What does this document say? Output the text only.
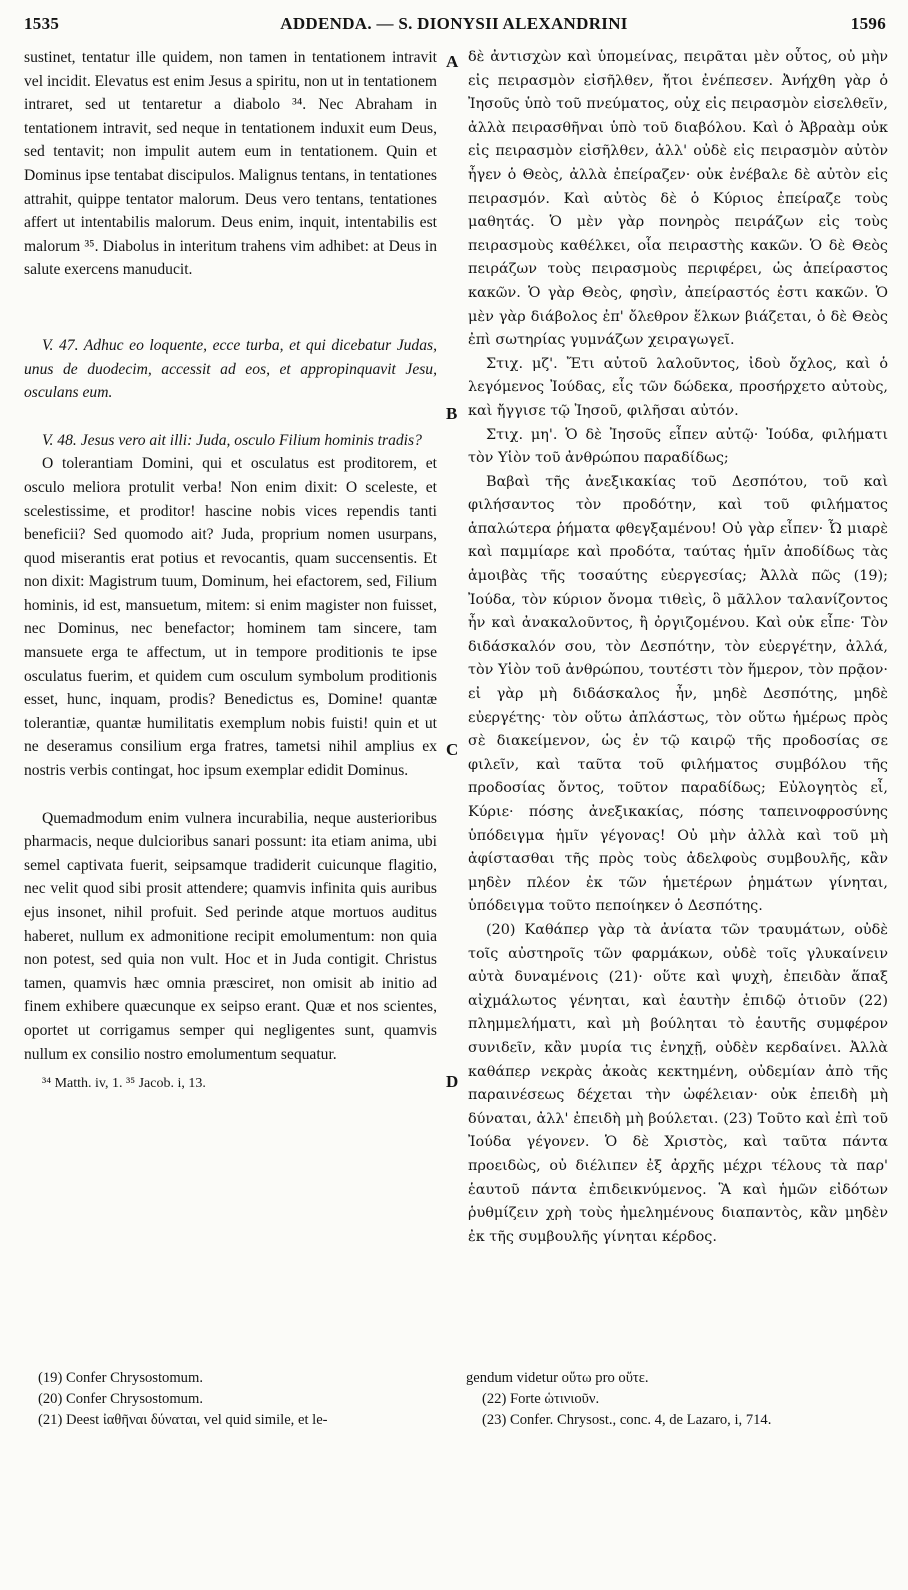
1535	ADDENDA. — S. DIONYSII ALEXANDRINI	1596
A
B
C
D

sustinet, tentatur ille quidem, non tamen in tentationem intravit vel incidit. Elevatus est enim Jesus a spiritu, non ut in tentationem intraret, sed ut tentaretur a diabolo ³⁴. Nec Abraham in tentationem intravit, sed neque in tentationem induxit eum Deus, sed tentavit; non impulit autem eum in tentationem. Quin et Dominus ipse tentabat discipulos. Malignus tentans, in tentationes attrahit, quippe tentator malorum. Deus vero tentans, tentationes affert ut intentabilis malorum. Deus enim, inquit, intentabilis est malorum ³⁵. Diabolus in interitum trahens vim adhibet: at Deus in salute exercens manuducit.

V. 47. Adhuc eo loquente, ecce turba, et qui dicebatur Judas, unus de duodecim, accessit ad eos, et appropinquavit Jesu, osculans eum.

V. 48. Jesus vero ait illi: Juda, osculo Filium hominis tradis?

O tolerantiam Domini, qui et osculatus est proditorem, et osculo meliora protulit verba! Non enim dixit: O sceleste, et scelestissime, et proditor! hascine nobis vices rependis tanti beneficii? Sed quomodo ait? Juda, proprium nomen usurpans, quod miserantis erat potius et revocantis, quam succensentis. Et non dixit: Magistrum tuum, Dominum, hei efactorem, sed, Filium hominis, id est, mansuetum, mitem: si enim magister non fuisset, nec Dominus, nec benefactor; hominem tam sincere, tam mansuete erga te affectum, ut in tempore proditionis te ipse osculatus fuerim, et quidem cum osculum symbolum proditionis esset, hunc, inquam, prodis? Benedictus es, Domine! quantæ tolerantiæ, quantæ humilitatis exemplum nobis fuisti! quin et ut ne deseramus consilium erga fratres, tametsi nihil amplius ex nostris verbis contingat, hoc ipsum exemplar edidit Dominus.

Quemadmodum enim vulnera incurabilia, neque austerioribus pharmacis, neque dulcioribus sanari possunt: ita etiam anima, ubi semel captivata fuerit, seipsamque tradiderit cuicunque flagitio, nec velit quod sibi prosit attendere; quamvis infinita quis auribus ejus insonet, nihil profuit. Sed perinde atque mortuos auditus haberet, nullum ex admonitione recipit emolumentum: non quia non potest, sed quia non vult. Hoc et in Juda contigit. Christus tamen, quamvis hæc omnia præsciret, non omisit ab initio ad finem exhibere quæcunque ex seipso erant. Quæ et nos scientes, oportet ut corrigamus semper qui negligentes sunt, quamvis nullum ex consilio nostro emolumentum sequatur.

³⁴ Matth. iv, 1. ³⁵ Jacob. i, 13.

δὲ ἀντισχὼν καὶ ὑπομείνας, πειρᾶται μὲν οὗτος, οὐ μὴν εἰς πειρασμὸν εἰσῆλθεν, ἤτοι ἐνέπεσεν. Ἀνήχθη γὰρ ὁ Ἰησοῦς ὑπὸ τοῦ πνεύματος, οὐχ εἰς πειρασμὸν εἰσελθεῖν, ἀλλὰ πειρασθῆναι ὑπὸ τοῦ διαβόλου. Καὶ ὁ Ἀβραὰμ οὐκ εἰς πειρασμὸν εἰσῆλθεν, ἀλλ' οὐδὲ εἰς πειρασμὸν αὐτὸν ἦγεν ὁ Θεὸς, ἀλλὰ ἐπείραζεν· οὐκ ἐνέβαλε δὲ αὐτὸν εἰς πειρασμόν. Καὶ αὐτὸς δὲ ὁ Κύριος ἐπείραζε τοὺς μαθητάς. Ὁ μὲν γὰρ πονηρὸς πειράζων εἰς τοὺς πειρασμοὺς καθέλκει, οἷα πειραστὴς κακῶν. Ὁ δὲ Θεὸς πειράζων τοὺς πειρασμοὺς περιφέρει, ὡς ἀπείραστος κακῶν. Ὁ γὰρ Θεὸς, φησὶν, ἀπείραστός ἐστι κακῶν. Ὁ μὲν γὰρ διάβολος ἐπ' ὄλεθρον ἕλκων βιάζεται, ὁ δὲ Θεὸς ἐπὶ σωτηρίας γυμνάζων χειραγωγεῖ.

Στιχ. μζ'. Ἔτι αὐτοῦ λαλοῦντος, ἰδοὺ ὄχλος, καὶ ὁ λεγόμενος Ἰούδας, εἷς τῶν δώδεκα, προσήρχετο αὐτοὺς, καὶ ἤγγισε τῷ Ἰησοῦ, φιλῆσαι αὐτόν.

Στιχ. μη'. Ὁ δὲ Ἰησοῦς εἶπεν αὐτῷ· Ἰούδα, φιλήματι τὸν Υἱὸν τοῦ ἀνθρώπου παραδίδως;

Βαβαὶ τῆς ἀνεξικακίας τοῦ Δεσπότου, τοῦ καὶ φιλήσαντος τὸν προδότην, καὶ τοῦ φιλήματος ἁπαλώτερα ῥήματα φθεγξαμένου! Οὐ γὰρ εἶπεν· Ὦ μιαρὲ καὶ παμμίαρε καὶ προδότα, ταύτας ἡμῖν ἀποδίδως τὰς ἀμοιβὰς τῆς τοσαύτης εὐεργεσίας; Ἀλλὰ πῶς (19); Ἰούδα, τὸν κύριον ὄνομα τιθεὶς, ὃ μᾶλλον ταλανίζοντος ἦν καὶ ἀνακαλοῦντος, ἢ ὀργιζομένου. Καὶ οὐκ εἶπε· Τὸν διδάσκαλόν σου, τὸν Δεσπότην, τὸν εὐεργέτην, ἀλλά, τὸν Υἱὸν τοῦ ἀνθρώπου, τουτέστι τὸν ἥμερον, τὸν πρᾷον· εἰ γὰρ μὴ διδάσκαλος ἦν, μηδὲ Δεσπότης, μηδὲ εὐεργέτης· τὸν οὕτω ἀπλάστως, τὸν οὕτω ἡμέρως πρὸς σὲ διακείμενον, ὡς ἐν τῷ καιρῷ τῆς προδοσίας σε φιλεῖν, καὶ ταῦτα τοῦ φιλήματος συμβόλου τῆς προδοσίας ὄντος, τοῦτον παραδίδως; Εὐλογητὸς εἶ, Κύριε· πόσης ἀνεξικακίας, πόσης ταπεινοφροσύνης ὑπόδειγμα ἡμῖν γέγονας! Οὐ μὴν ἀλλὰ καὶ τοῦ μὴ ἀφίστασθαι τῆς πρὸς τοὺς ἀδελφοὺς συμβουλῆς, κἂν μηδὲν πλέον ἐκ τῶν ἡμετέρων ῥημάτων γίνηται, ὑπόδειγμα τοῦτο πεποίηκεν ὁ Δεσπότης.

(20) Καθάπερ γὰρ τὰ ἀνίατα τῶν τραυμάτων, οὐδὲ τοῖς αὐστηροῖς τῶν φαρμάκων, οὐδὲ τοῖς γλυκαίνειν αὐτὰ δυναμένοις (21)· οὕτε καὶ ψυχὴ, ἐπειδὰν ἅπαξ αἰχμάλωτος γένηται, καὶ ἑαυτὴν ἐπιδῷ ὁτιοῦν (22) πλημμελήματι, καὶ μὴ βούληται τὸ ἑαυτῆς συμφέρον συνιδεῖν, κἂν μυρία τις ἐνηχῇ, οὐδὲν κερδαίνει. Ἀλλὰ καθάπερ νεκρὰς ἀκοὰς κεκτημένη, οὐδεμίαν ἀπὸ τῆς παραινέσεως δέχεται τὴν ὠφέλειαν· οὐκ ἐπειδὴ μὴ δύναται, ἀλλ' ἐπειδὴ μὴ βούλεται. (23) Τοῦτο καὶ ἐπὶ τοῦ Ἰούδα γέγονεν. Ὁ δὲ Χριστὸς, καὶ ταῦτα πάντα προειδὼς, οὐ διέλιπεν ἐξ ἀρχῆς μέχρι τέλους τὰ παρ' ἑαυτοῦ πάντα ἐπιδεικνύμενος. Ἃ καὶ ἡμῶν εἰδότων ῥυθμίζειν χρὴ τοὺς ἠμελημένους διαπαντὸς, κἂν μηδὲν ἐκ τῆς συμβουλῆς γίνηται κέρδος.

(19) Confer Chrysostomum.

(20) Confer Chrysostomum.

(21) Deest ἰαθῆναι δύναται, vel quid simile, et le-

gendum videtur οὕτω pro οὕτε.

(22) Forte ὡτινιοῦν.

(23) Confer. Chrysost., conc. 4, de Lazaro, i, 714.
